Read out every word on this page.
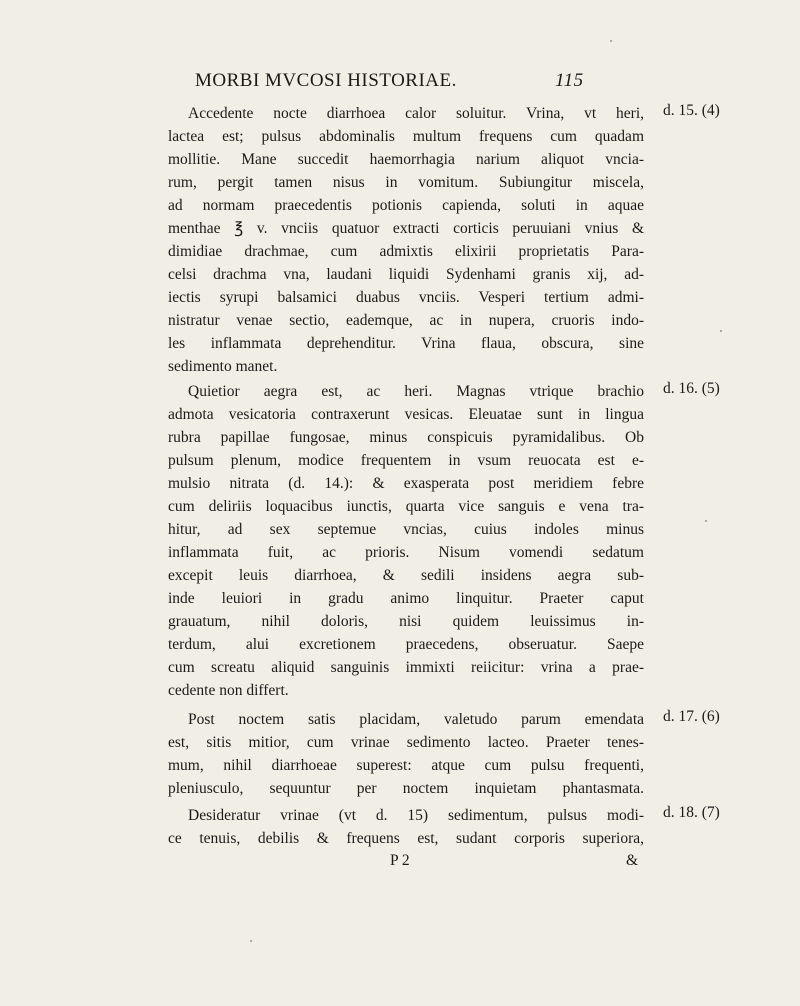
MORBI MVCOSI HISTORIAE.	115
Accedente nocte diarrhoea calor soluitur. Vrina, vt heri,
lactea est; pulsus abdominalis multum frequens cum quadam
mollitie. Mane succedit haemorrhagia narium aliquot vncia-
rum, pergit tamen nisus in vomitum. Subiungitur miscela,
ad normam praecedentis potionis capienda, soluti in aquae
menthae ℥ v. vnciis quatuor extracti corticis peruuiani vnius &
dimidiae drachmae, cum admixtis elixirii proprietatis Para-
celsi drachma vna, laudani liquidi Sydenhami granis xij, ad-
iectis syrupi balsamici duabus vnciis. Vesperi tertium admi-
nistratur venae sectio, eademque, ac in nupera, cruoris indo-
les inflammata deprehenditur. Vrina flaua, obscura, sine
sedimento manet.
Quietior aegra est, ac heri. Magnas vtrique brachio
admota vesicatoria contraxerunt vesicas. Eleuatae sunt in lingua
rubra papillae fungosae, minus conspicuis pyramidalibus. Ob
pulsum plenum, modice frequentem in vsum reuocata est e-
mulsio nitrata (d. 14.): & exasperata post meridiem febre
cum deliriis loquacibus iunctis, quarta vice sanguis e vena tra-
hitur, ad sex septemue vncias, cuius indoles minus
inflammata fuit, ac prioris. Nisum vomendi sedatum
excepit leuis diarrhoea, & sedili insidens aegra sub-
inde leuiori in gradu animo linquitur. Praeter caput
grauatum, nihil doloris, nisi quidem leuissimus in-
terdum, alui excretionem praecedens, obseruatur. Saepe
cum screatu aliquid sanguinis immixti reiicitur: vrina a prae-
cedente non differt.
Post noctem satis placidam, valetudo parum emendata
est, sitis mitior, cum vrinae sedimento lacteo. Praeter tenes-
mum, nihil diarrhoeae superest: atque cum pulsu frequenti,
pleniusculo, sequuntur per noctem inquietam phantasmata.
Desideratur vrinae (vt d. 15) sedimentum, pulsus modi-
ce tenuis, debilis & frequens est, sudant corporis superiora,
d. 15. (4)
d. 16. (5)
d. 17. (6)
d. 18. (7)
P 2	&
